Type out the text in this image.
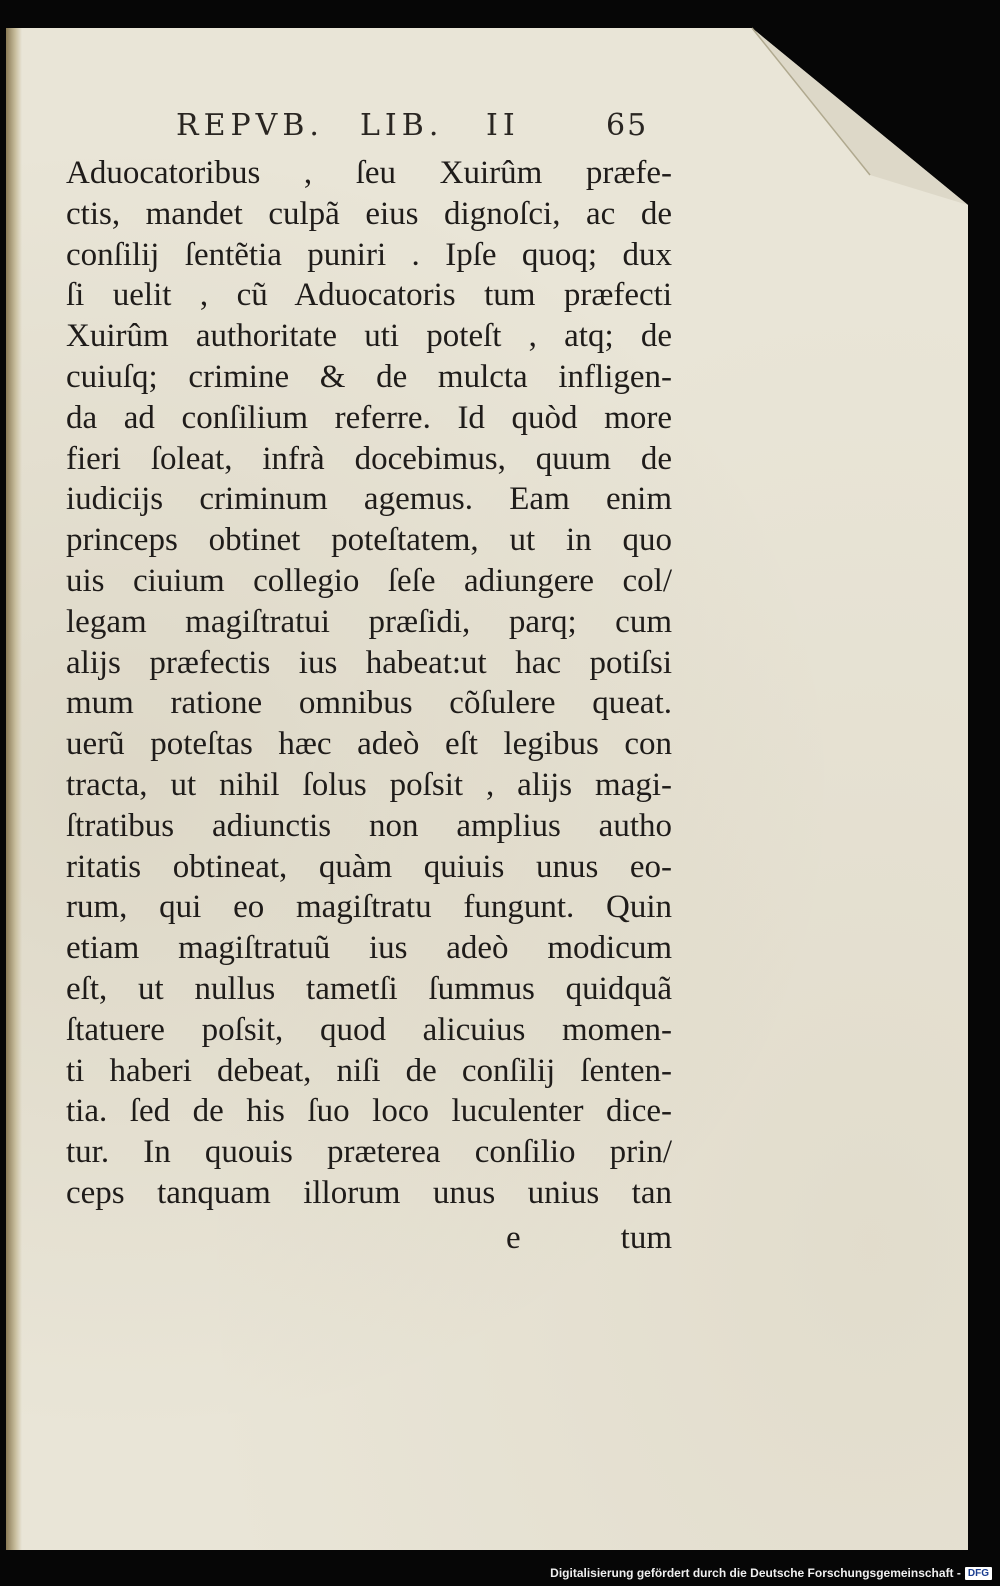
REPVB. LIB. II	65
Aduocatoribus , ſeu Xuirûm præfe-
ctis, mandet culpã eius dignoſci, ac de
conſilĳ ſentẽtia puniri . Ipſe quoq; dux
ſi uelit , cũ Aduocatoris tum præfecti
Xuirûm authoritate uti poteſt , atq; de
cuiuſq; crimine & de mulcta infligen-
da ad conſilium referre. Id quòd more
fieri ſoleat, infrà docebimus, quum de
iudicĳs criminum agemus. Eam enim
princeps obtinet poteſtatem, ut in quo
uis ciuium collegio ſeſe adiungere col/
legam magiſtratui præſidi, parq; cum
alĳs præfectis ius habeat:ut hac potiſsi
mum ratione omnibus cõſulere queat.
uerũ poteſtas hæc adeò eſt legibus con
tracta, ut nihil ſolus poſsit , alĳs magi-
ſtratibus adiunctis non amplius autho
ritatis obtineat, quàm quiuis unus eo-
rum, qui eo magiſtratu fungunt. Quin
etiam magiſtratuũ ius adeò modicum
eſt, ut nullus tametſi ſummus quidquã
ſtatuere poſsit, quod alicuius momen-
ti haberi debeat, niſi de conſilĳ ſenten-
tia. ſed de his ſuo loco luculenter dice-
tur. In quouis præterea conſilio prin/
ceps tanquam illorum unus unius tan
e	tum
Digitalisierung gefördert durch die Deutsche Forschungsgemeinschaft - DFG
